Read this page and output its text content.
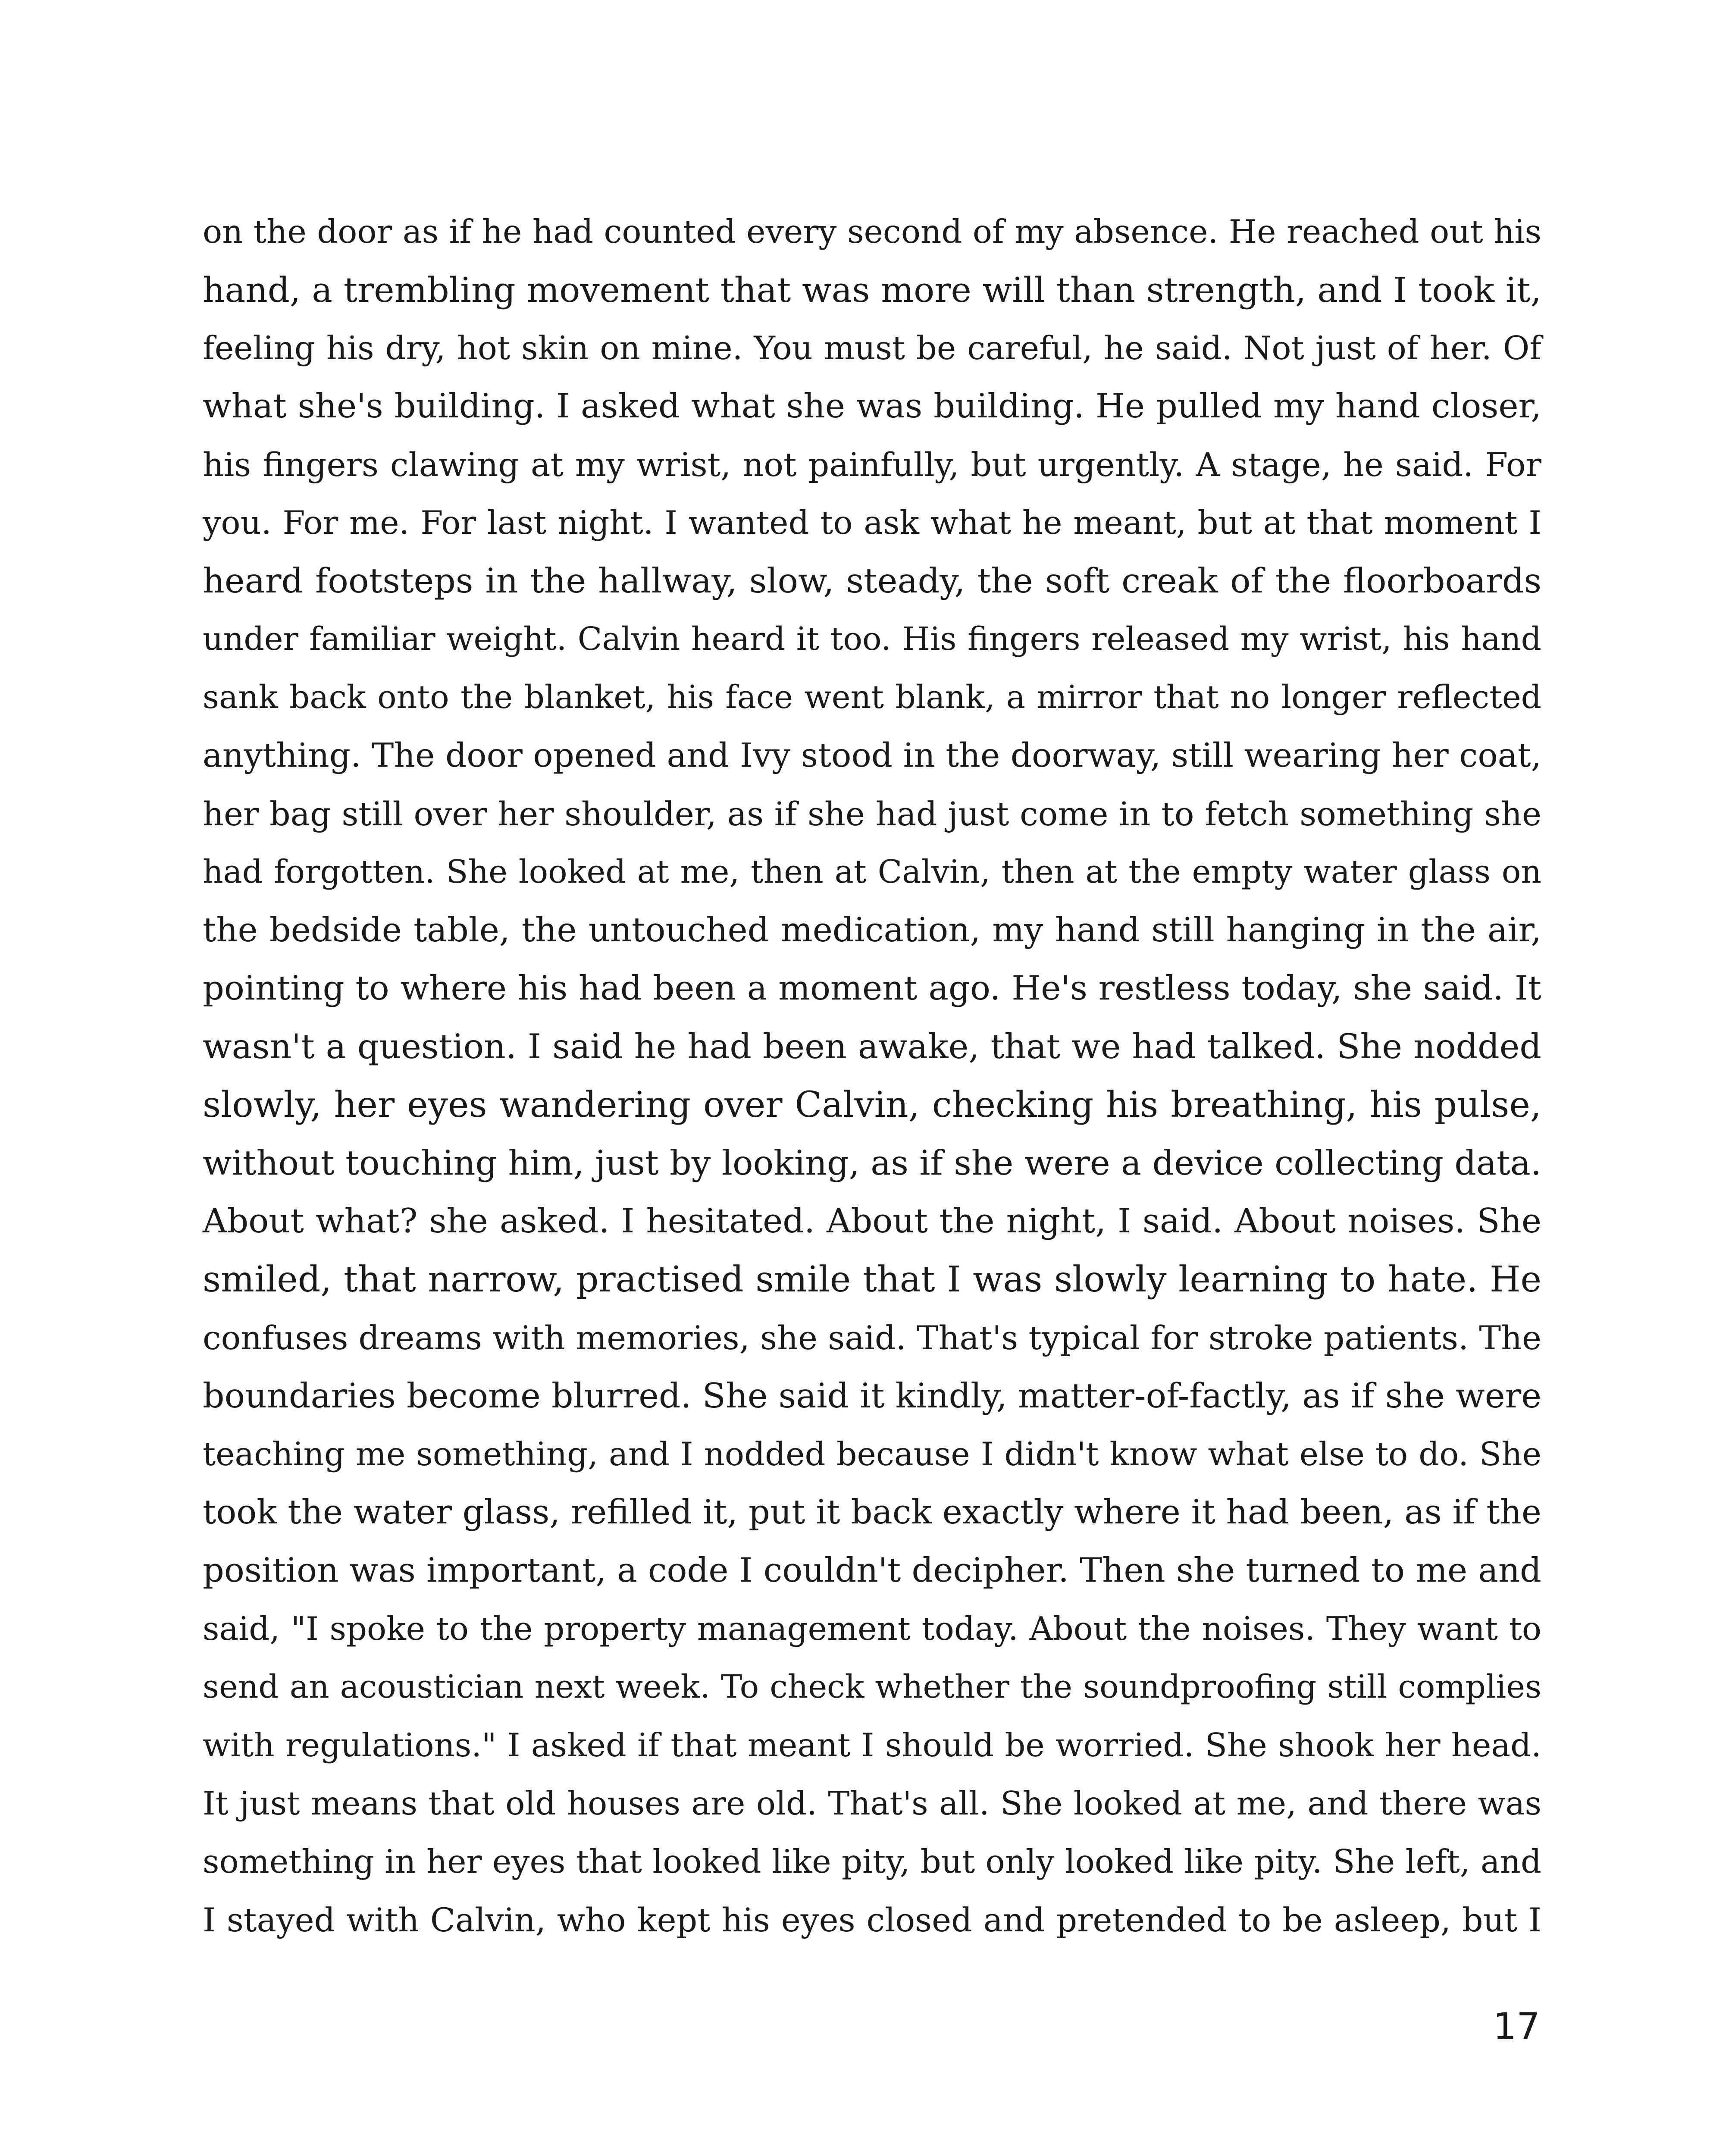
on the door as if he had counted every second of my absence. He reached out his
hand, a trembling movement that was more will than strength, and I took it,
feeling his dry, hot skin on mine. You must be careful, he said. Not just of her. Of
what she's building. I asked what she was building. He pulled my hand closer,
his fingers clawing at my wrist, not painfully, but urgently. A stage, he said. For
you. For me. For last night. I wanted to ask what he meant, but at that moment I
heard footsteps in the hallway, slow, steady, the soft creak of the floorboards
under familiar weight. Calvin heard it too. His fingers released my wrist, his hand
sank back onto the blanket, his face went blank, a mirror that no longer reflected
anything. The door opened and Ivy stood in the doorway, still wearing her coat,
her bag still over her shoulder, as if she had just come in to fetch something she
had forgotten. She looked at me, then at Calvin, then at the empty water glass on
the bedside table, the untouched medication, my hand still hanging in the air,
pointing to where his had been a moment ago. He's restless today, she said. It
wasn't a question. I said he had been awake, that we had talked. She nodded
slowly, her eyes wandering over Calvin, checking his breathing, his pulse,
without touching him, just by looking, as if she were a device collecting data.
About what? she asked. I hesitated. About the night, I said. About noises. She
smiled, that narrow, practised smile that I was slowly learning to hate. He
confuses dreams with memories, she said. That's typical for stroke patients. The
boundaries become blurred. She said it kindly, matter-of-factly, as if she were
teaching me something, and I nodded because I didn't know what else to do. She
took the water glass, refilled it, put it back exactly where it had been, as if the
position was important, a code I couldn't decipher. Then she turned to me and
said, "I spoke to the property management today. About the noises. They want to
send an acoustician next week. To check whether the soundproofing still complies
with regulations." I asked if that meant I should be worried. She shook her head.
It just means that old houses are old. That's all. She looked at me, and there was
something in her eyes that looked like pity, but only looked like pity. She left, and
I stayed with Calvin, who kept his eyes closed and pretended to be asleep, but I
17
